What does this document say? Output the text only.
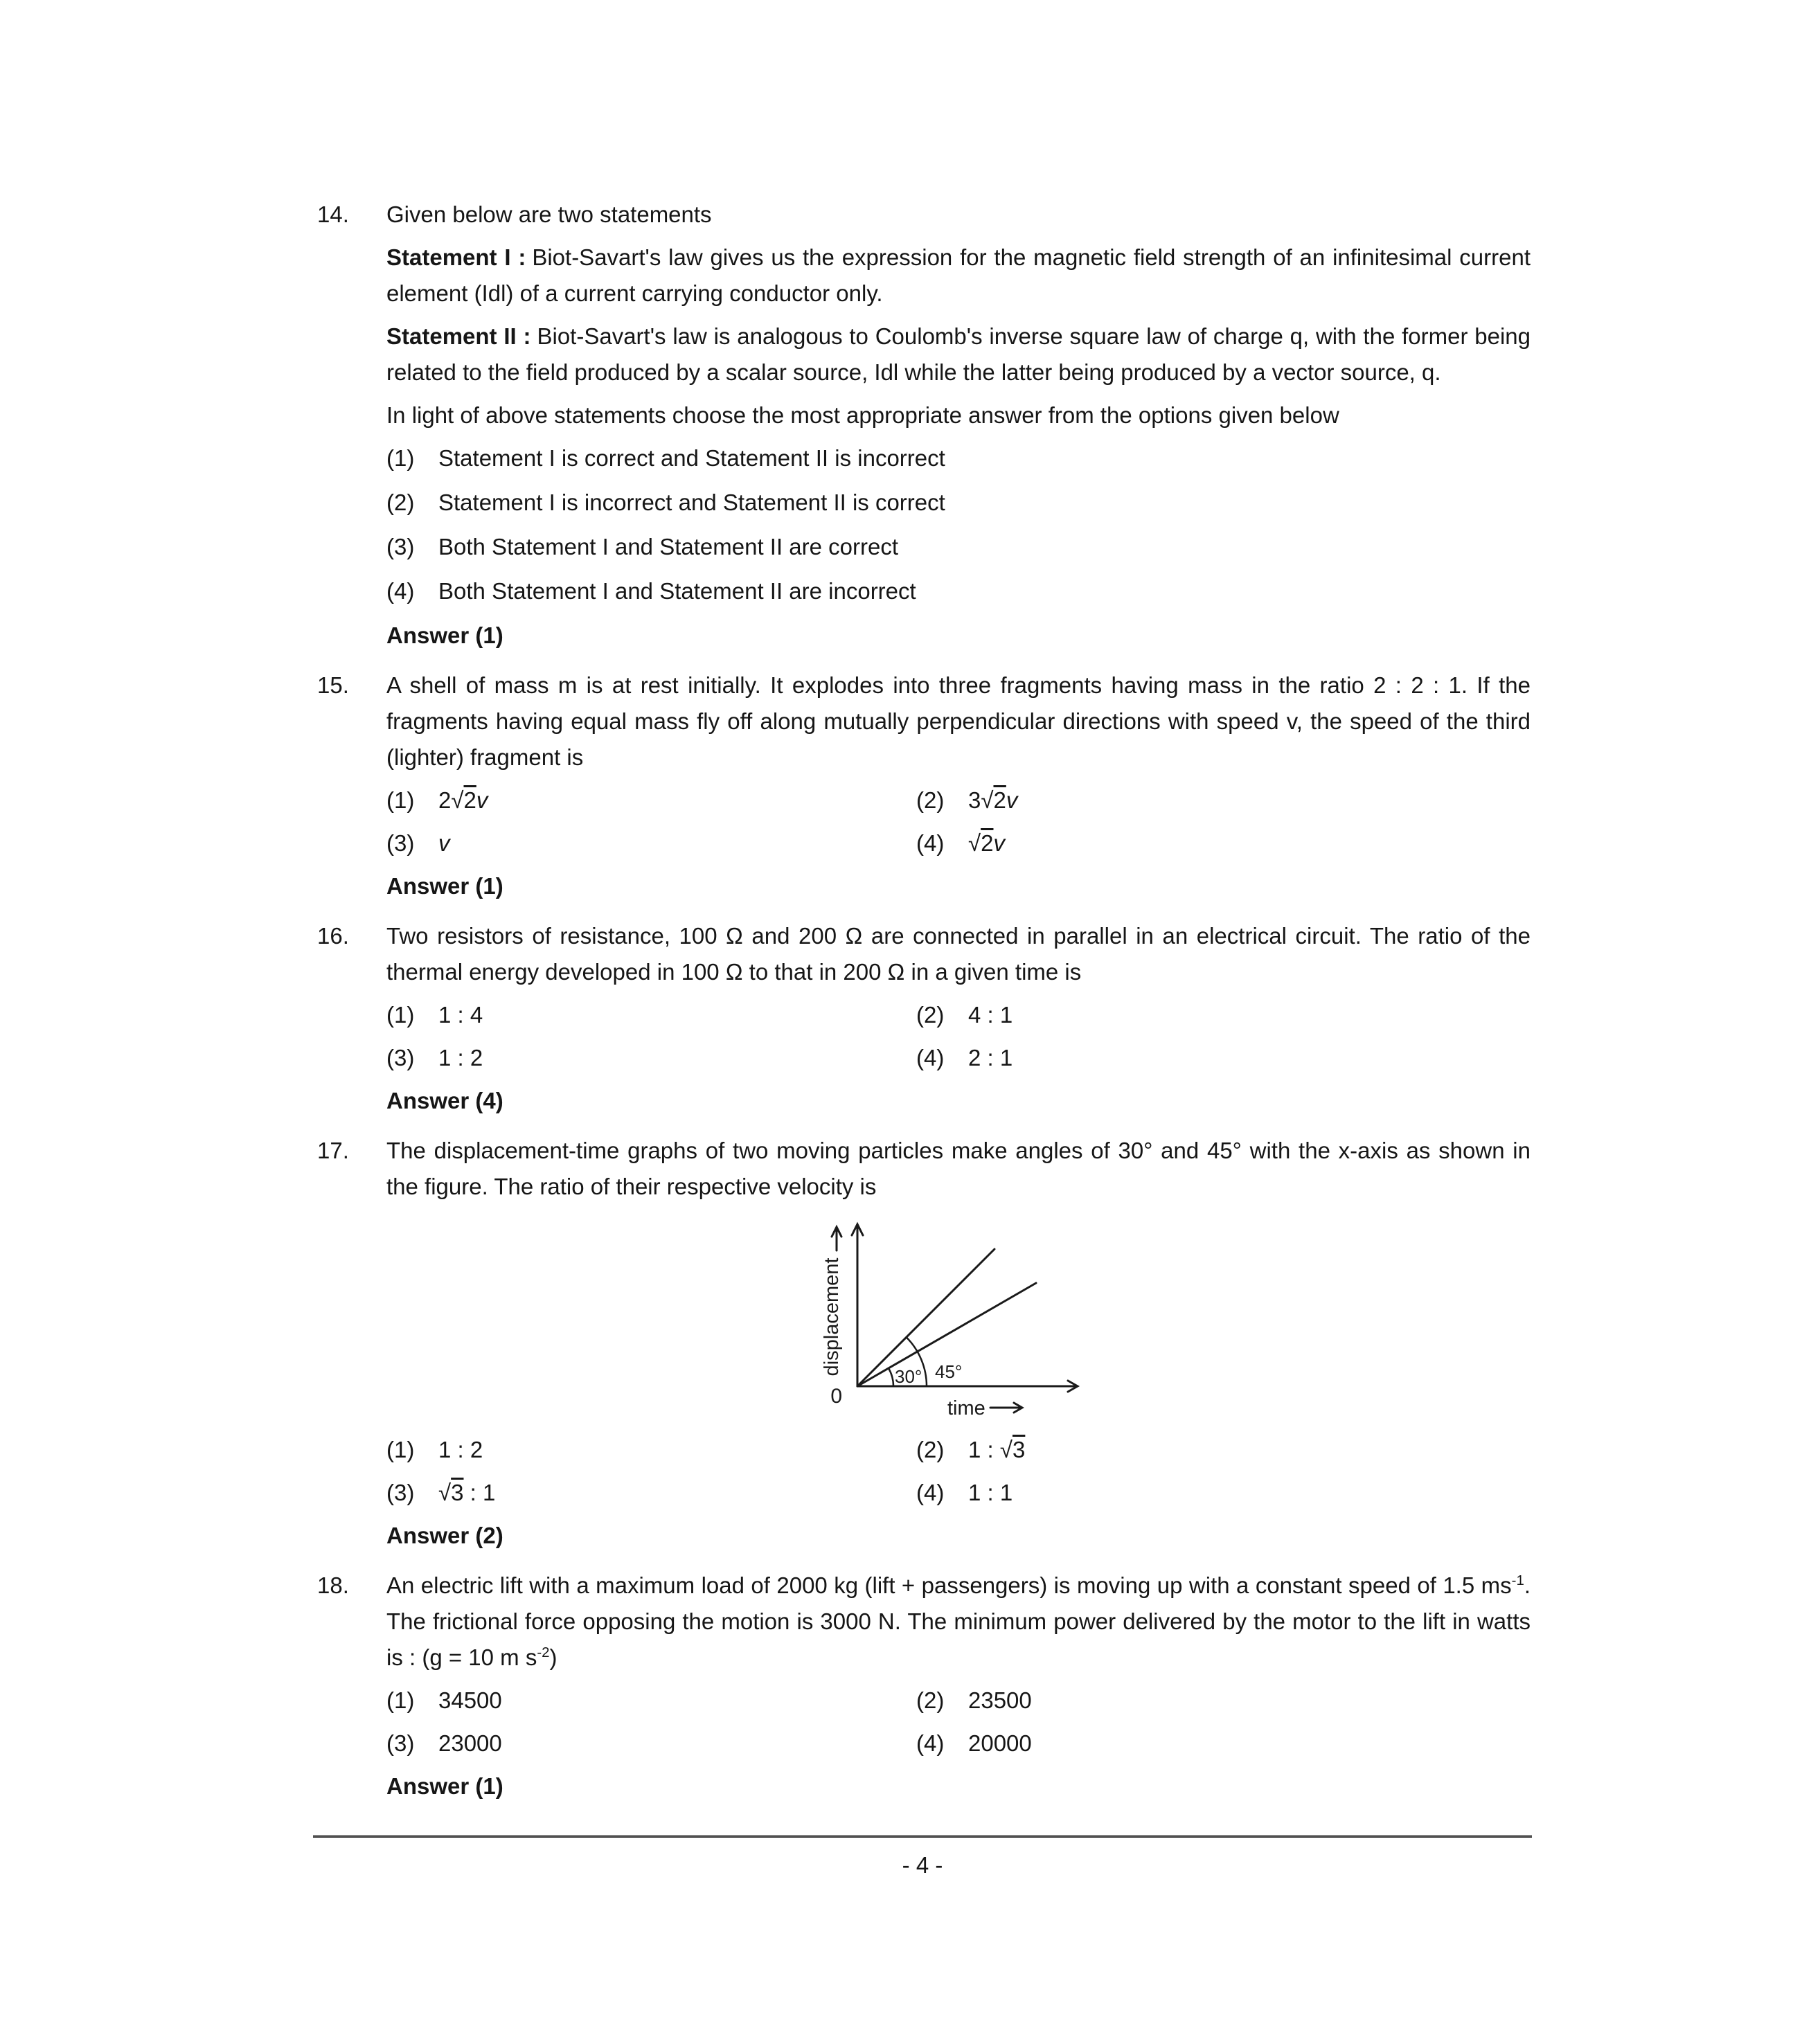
14. Given below are two statements

Statement I : Biot-Savart's law gives us the expression for the magnetic field strength of an infinitesimal current element (Idl) of a current carrying conductor only.

Statement II : Biot-Savart's law is analogous to Coulomb's inverse square law of charge q, with the former being related to the field produced by a scalar source, Idl while the latter being produced by a vector source, q.

In light of above statements choose the most appropriate answer from the options given below

(1)	Statement I is correct and Statement II is incorrect
(2)	Statement I is incorrect and Statement II is correct
(3)	Both Statement I and Statement II are correct
(4)	Both Statement I and Statement II are incorrect

Answer (1)

15. A shell of mass m is at rest initially. It explodes into three fragments having mass in the ratio 2 : 2 : 1. If the fragments having equal mass fly off along mutually perpendicular directions with speed v, the speed of the third (lighter) fragment is

(1)	2√2v	(2)	3√2v
(3)	v	(4)	√2v

Answer (1)

16. Two resistors of resistance, 100 Ω and 200 Ω are connected in parallel in an electrical circuit. The ratio of the thermal energy developed in 100 Ω to that in 200 Ω in a given time is

(1)	1 : 4	(2)	4 : 1
(3)	1 : 2	(4)	2 : 1

Answer (4)

17. The displacement-time graphs of two moving particles make angles of 30° and 45° with the x-axis as shown in the figure. The ratio of their respective velocity is

0
30° 45°
time
displacement
(1)	1 : 2	(2)	1 : √3
(3)	√3 : 1	(4)	1 : 1

Answer (2)

18. An electric lift with a maximum load of 2000 kg (lift + passengers) is moving up with a constant speed of 1.5 $ms^{-1}$. The frictional force opposing the motion is 3000 N. The minimum power delivered by the motor to the lift in watts is : (g = 10 m $s^{-2}$)

(1)	34500	(2)	23500
(3)	23000	(4)	20000

Answer (1)

- 4 -
